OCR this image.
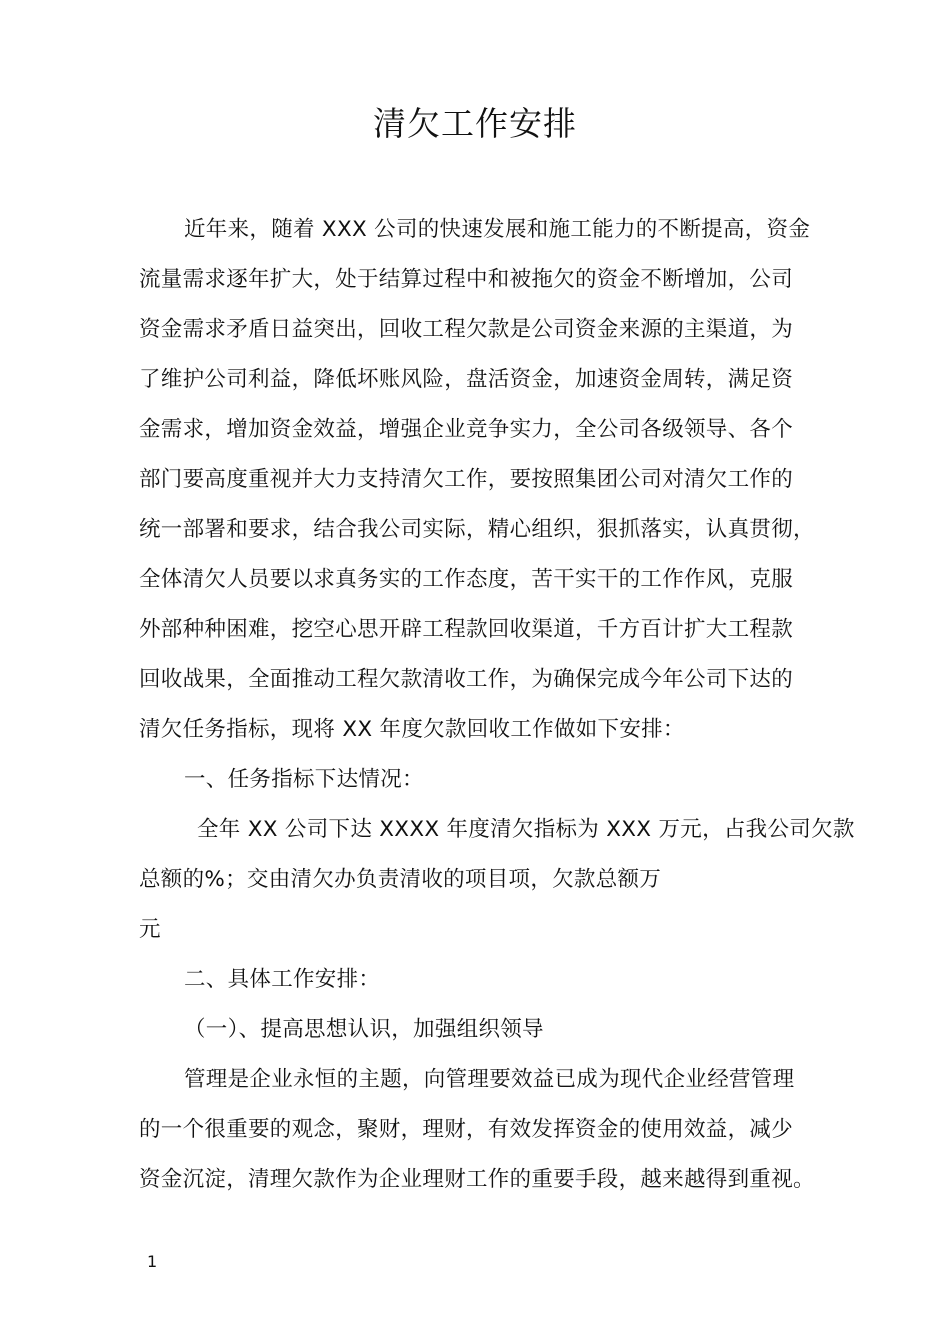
清欠工作安排
近年来，随着 XXX 公司的快速发展和施工能力的不断提高，资金
流量需求逐年扩大，处于结算过程中和被拖欠的资金不断增加，公司
资金需求矛盾日益突出，回收工程欠款是公司资金来源的主渠道，为
了维护公司利益，降低坏账风险，盘活资金，加速资金周转，满足资
金需求，增加资金效益，增强企业竞争实力，全公司各级领导、各个
部门要高度重视并大力支持清欠工作，要按照集团公司对清欠工作的
统一部署和要求，结合我公司实际，精心组织，狠抓落实，认真贯彻，
全体清欠人员要以求真务实的工作态度，苦干实干的工作作风，克服
外部种种困难，挖空心思开辟工程款回收渠道，千方百计扩大工程款
回收战果，全面推动工程欠款清收工作，为确保完成今年公司下达的
清欠任务指标，现将 XX 年度欠款回收工作做如下安排：
一、任务指标下达情况：
全年 XX 公司下达 XXXX 年度清欠指标为 XXX 万元，占我公司欠款
总额的%；交由清欠办负责清收的项目项，欠款总额万
元
二、具体工作安排：
（一）、提高思想认识，加强组织领导
管理是企业永恒的主题，向管理要效益已成为现代企业经营管理
的一个很重要的观念，聚财，理财，有效发挥资金的使用效益，减少
资金沉淀，清理欠款作为企业理财工作的重要手段，越来越得到重视。
1
